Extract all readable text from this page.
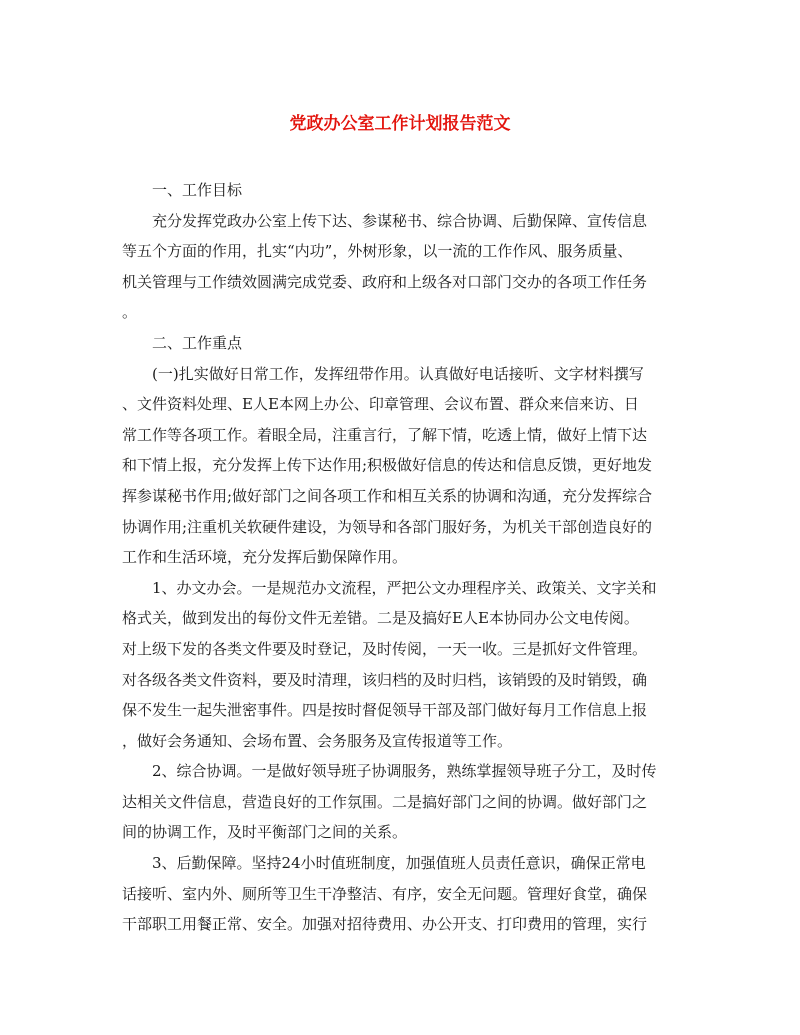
党政办公室工作计划报告范文

一、工作目标

充分发挥党政办公室上传下达、参谋秘书、综合协调、后勤保障、宣传信息
等五个方面的作用，扎实“内功”，外树形象，以一流的工作作风、服务质量、
机关管理与工作绩效圆满完成党委、政府和上级各对口部门交办的各项工作任务
。

二、工作重点

(一)扎实做好日常工作，发挥纽带作用。认真做好电话接听、文字材料撰写
、文件资料处理、E人E本网上办公、印章管理、会议布置、群众来信来访、日
常工作等各项工作。着眼全局，注重言行，了解下情，吃透上情，做好上情下达
和下情上报，充分发挥上传下达作用;积极做好信息的传达和信息反馈，更好地发
挥参谋秘书作用;做好部门之间各项工作和相互关系的协调和沟通，充分发挥综合
协调作用;注重机关软硬件建设，为领导和各部门服好务，为机关干部创造良好的
工作和生活环境，充分发挥后勤保障作用。

1、办文办会。一是规范办文流程，严把公文办理程序关、政策关、文字关和
格式关，做到发出的每份文件无差错。二是及搞好E人E本协同办公文电传阅。
对上级下发的各类文件要及时登记，及时传阅，一天一收。三是抓好文件管理。
对各级各类文件资料，要及时清理，该归档的及时归档，该销毁的及时销毁，确
保不发生一起失泄密事件。四是按时督促领导干部及部门做好每月工作信息上报
，做好会务通知、会场布置、会务服务及宣传报道等工作。

2、综合协调。一是做好领导班子协调服务，熟练掌握领导班子分工，及时传
达相关文件信息，营造良好的工作氛围。二是搞好部门之间的协调。做好部门之
间的协调工作，及时平衡部门之间的关系。

3、后勤保障。坚持24小时值班制度，加强值班人员责任意识，确保正常电
话接听、室内外、厕所等卫生干净整洁、有序，安全无问题。管理好食堂，确保
干部职工用餐正常、安全。加强对招待费用、办公开支、打印费用的管理，实行
